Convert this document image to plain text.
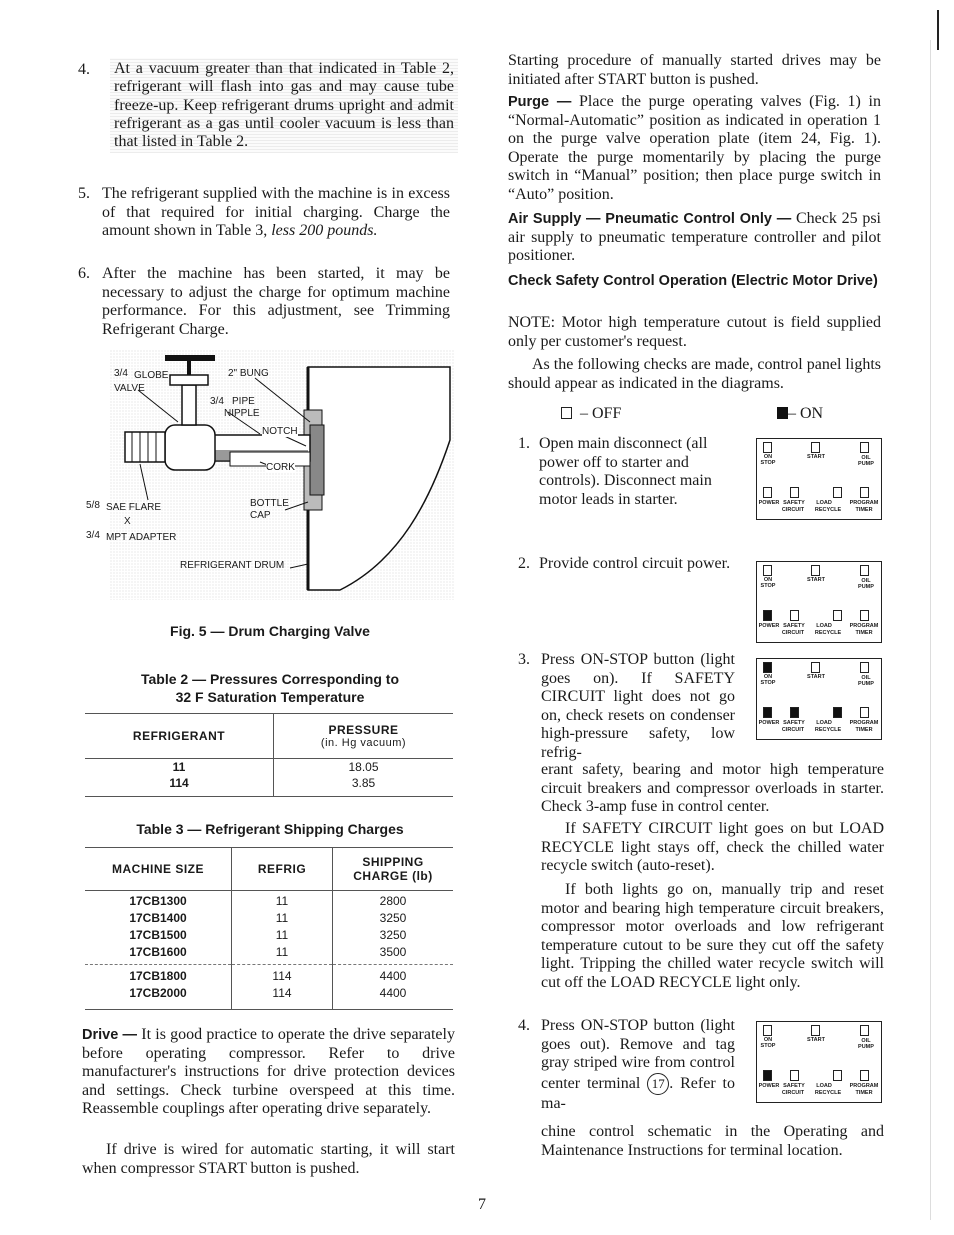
4. At a vacuum greater than that indicated in Table 2, refrigerant will flash into gas and may cause tube freeze-up. Keep refrigerant drums upright and admit refrigerant as a gas until cooler vacuum is less than that listed in Table 2.
5. The refrigerant supplied with the machine is in excess of that required for initial charging. Charge the amount shown in Table 3, less 200 pounds.
6. After the machine has been started, it may be necessary to adjust the charge for optimum machine performance. For this adjustment, see Trimming Refrigerant Charge.
3/4 GLOBE
VALVE
2" BUNG
3/4 PIPE
NIPPLE
NOTCH
CORK
BOTTLE
CAP
5/8 SAE FLARE
X
3/4 MPT ADAPTER
REFRIGERANT DRUM
Fig. 5 — Drum Charging Valve
Table 2 — Pressures Corresponding to
32 F Saturation Temperature
REFRIGERANT	PRESSURE
(in. Hg vacuum)

11	18.05
114	3.85
Table 3 — Refrigerant Shipping Charges
MACHINE SIZE	REFRIG	SHIPPING
CHARGE (lb)

17CB1300	11	2800
17CB1400	11	3250
17CB1500	11	3250
17CB1600	11	3500
17CB1800	114	4400
17CB2000	114	4400
Drive — It is good practice to operate the drive separately before operating compressor. Refer to drive manufacturer's instructions for drive protection devices and settings. Check turbine overspeed at this time. Reassemble couplings after operating drive separately.
If drive is wired for automatic starting, it will start when compressor START button is pushed.
Starting procedure of manually started drives may be initiated after START button is pushed.
Purge — Place the purge operating valves (Fig. 1) in “Normal-Automatic” position as indicated in operation 1 on the purge valve operation plate (item 24, Fig. 1). Operate the purge momentarily by placing the purge switch in “Manual” position; then place purge switch in “Auto” position.
Air Supply — Pneumatic Control Only — Check 25 psi air supply to pneumatic temperature controller and pilot positioner.
Check Safety Control Operation (Electric Motor Drive)
NOTE: Motor high temperature cutout is field supplied only per customer's request.
As the following checks are made, control panel lights should appear as indicated in the diagrams.
– OFF	– ON
1. Open main disconnect (all power off to starter and controls). Disconnect main motor leads in starter.
2. Provide control circuit power.
3. Press ON-STOP button (light goes on). If SAFETY CIRCUIT light does not go on, check resets on condenser high-pressure safety, low refrig-
erant safety, bearing and motor high temperature circuit breakers and compressor overloads in starter. Check 3-amp fuse in control center.
If SAFETY CIRCUIT light goes on but LOAD RECYCLE light stays off, check the chilled water recycle switch (auto-reset).
If both lights go on, manually trip and reset motor and bearing high temperature circuit breakers, compressor motor overloads and low refrigerant temperature cutout to be sure they cut off the safety light. Tripping the chilled water recycle switch will cut off the LOAD RECYCLE light only.
4. Press ON-STOP button (light goes out). Remove and tag gray striped wire from control center terminal 17 . Refer to ma-
chine control schematic in the Operating and Maintenance Instructions for terminal location.
ON
STOP
START	OIL
PUMP
POWER SAFETY	LOAD	PROGRAM
CIRCUIT	RECYCLE	TIMER
ON
STOP
START	OIL
PUMP
POWER SAFETY	LOAD	PROGRAM
CIRCUIT	RECYCLE	TIMER
ON
STOP
START	OIL
PUMP
POWER SAFETY	LOAD	PROGRAM
CIRCUIT	RECYCLE	TIMER
ON
STOP
START	OIL
PUMP
POWER SAFETY	LOAD	PROGRAM
CIRCUIT	RECYCLE	TIMER
7
